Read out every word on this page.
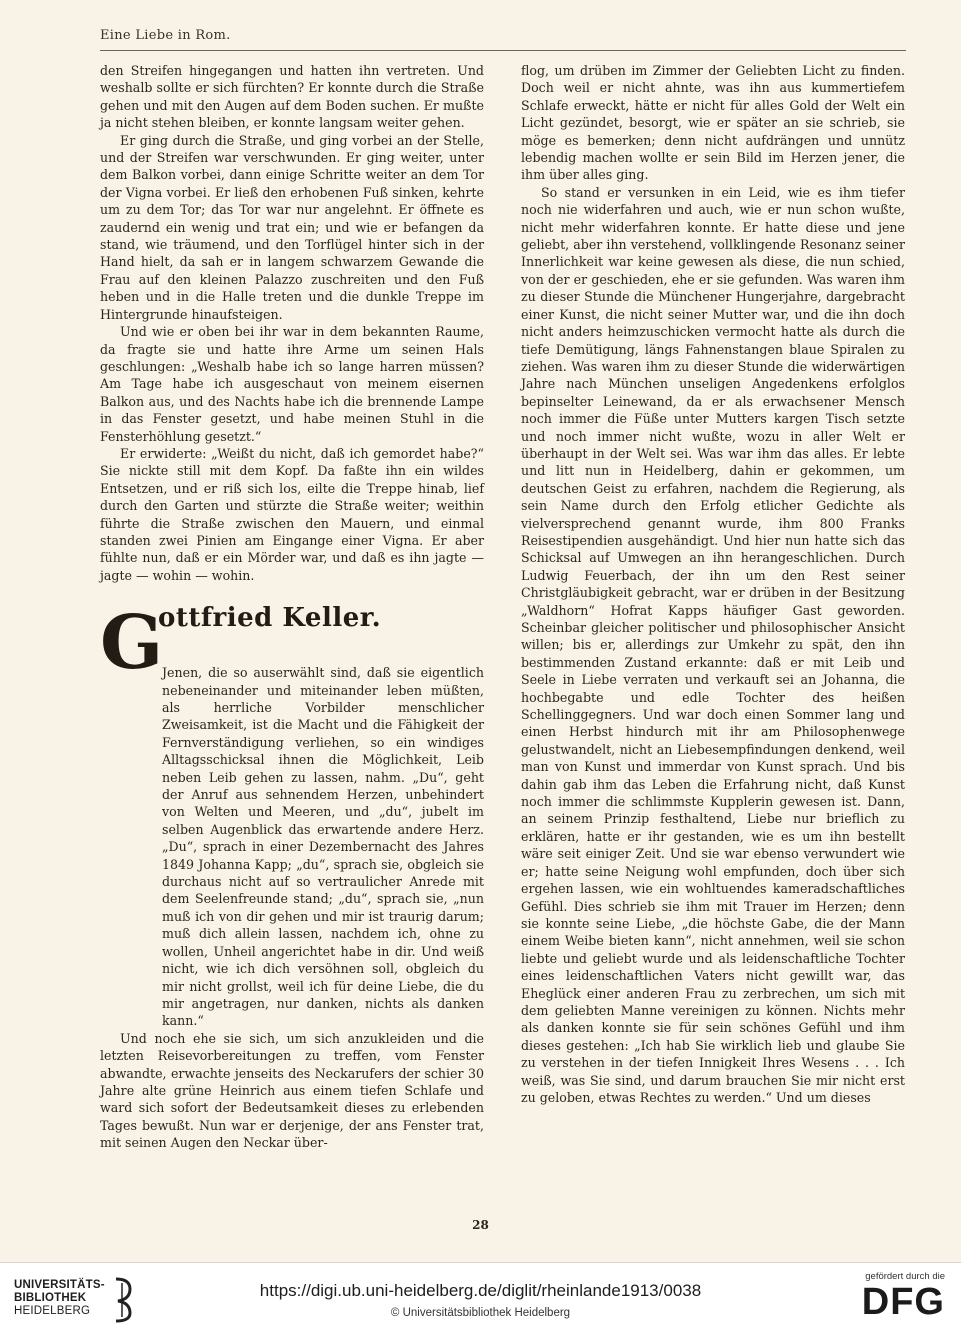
Eine Liebe in Rom.

den Streifen hingegangen und hatten ihn vertreten. Und weshalb sollte er sich fürchten? Er konnte durch die Straße gehen und mit den Augen auf dem Boden suchen. Er mußte ja nicht stehen bleiben, er konnte langsam weiter gehen.

Er ging durch die Straße, und ging vorbei an der Stelle, und der Streifen war verschwunden. Er ging weiter, unter dem Balkon vorbei, dann einige Schritte weiter an dem Tor der Vigna vorbei. Er ließ den erhobenen Fuß sinken, kehrte um zu dem Tor; das Tor war nur angelehnt. Er öffnete es zaudernd ein wenig und trat ein; und wie er befangen da stand, wie träumend, und den Torflügel hinter sich in der Hand hielt, da sah er in langem schwarzem Gewande die Frau auf den kleinen Palazzo zuschreiten und den Fuß heben und in die Halle treten und die dunkle Treppe im Hintergrunde hinaufsteigen.

Und wie er oben bei ihr war in dem bekannten Raume, da fragte sie und hatte ihre Arme um seinen Hals geschlungen: „Weshalb habe ich so lange harren müssen? Am Tage habe ich ausgeschaut von meinem eisernen Balkon aus, und des Nachts habe ich die brennende Lampe in das Fenster gesetzt, und habe meinen Stuhl in die Fensterhöhlung gesetzt.“

Er erwiderte: „Weißt du nicht, daß ich gemordet habe?“ Sie nickte still mit dem Kopf. Da faßte ihn ein wildes Entsetzen, und er riß sich los, eilte die Treppe hinab, lief durch den Garten und stürzte die Straße weiter; weithin führte die Straße zwischen den Mauern, und einmal standen zwei Pinien am Eingange einer Vigna. Er aber fühlte nun, daß er ein Mörder war, und daß es ihn jagte — jagte — wohin — wohin.

G
ottfried Keller.

Jenen, die so auserwählt sind, daß sie eigentlich nebeneinander und miteinander leben müßten, als herrliche Vorbilder menschlicher Zweisamkeit, ist die Macht und die Fähigkeit der Fernverständigung verliehen, so ein windiges Alltagsschicksal ihnen die Möglichkeit, Leib neben Leib gehen zu lassen, nahm. „Du“, geht der Anruf aus sehnendem Herzen, unbehindert von Welten und Meeren, und „du“, jubelt im selben Augenblick das erwartende andere Herz. „Du“, sprach in einer Dezembernacht des Jahres 1849 Johanna Kapp; „du“, sprach sie, obgleich sie durchaus nicht auf so vertraulicher Anrede mit dem Seelenfreunde stand; „du“, sprach sie, „nun muß ich von dir gehen und mir ist traurig darum; muß dich allein lassen, nachdem ich, ohne zu wollen, Unheil angerichtet habe in dir. Und weiß nicht, wie ich dich versöhnen soll, obgleich du mir nicht grollst, weil ich für deine Liebe, die du mir angetragen, nur danken, nichts als danken kann.“

Und noch ehe sie sich, um sich anzukleiden und die letzten Reisevorbereitungen zu treffen, vom Fenster abwandte, erwachte jenseits des Neckarufers der schier 30 Jahre alte grüne Heinrich aus einem tiefen Schlafe und ward sich sofort der Bedeutsamkeit dieses zu erlebenden Tages bewußt. Nun war er derjenige, der ans Fenster trat, mit seinen Augen den Neckar über-

flog, um drüben im Zimmer der Geliebten Licht zu finden. Doch weil er nicht ahnte, was ihn aus kummertiefem Schlafe erweckt, hätte er nicht für alles Gold der Welt ein Licht gezündet, besorgt, wie er später an sie schrieb, sie möge es bemerken; denn nicht aufdrängen und unnütz lebendig machen wollte er sein Bild im Herzen jener, die ihm über alles ging.

So stand er versunken in ein Leid, wie es ihm tiefer noch nie widerfahren und auch, wie er nun schon wußte, nicht mehr widerfahren konnte. Er hatte diese und jene geliebt, aber ihn verstehend, vollklingende Resonanz seiner Innerlichkeit war keine gewesen als diese, die nun schied, von der er geschieden, ehe er sie gefunden. Was waren ihm zu dieser Stunde die Münchener Hungerjahre, dargebracht einer Kunst, die nicht seiner Mutter war, und die ihn doch nicht anders heimzuschicken vermocht hatte als durch die tiefe Demütigung, längs Fahnenstangen blaue Spiralen zu ziehen. Was waren ihm zu dieser Stunde die widerwärtigen Jahre nach München unseligen Angedenkens erfolglos bepinselter Leinewand, da er als erwachsener Mensch noch immer die Füße unter Mutters kargen Tisch setzte und noch immer nicht wußte, wozu in aller Welt er überhaupt in der Welt sei. Was war ihm das alles. Er lebte und litt nun in Heidelberg, dahin er gekommen, um deutschen Geist zu erfahren, nachdem die Regierung, als sein Name durch den Erfolg etlicher Gedichte als vielversprechend genannt wurde, ihm 800 Franks Reisestipendien ausgehändigt. Und hier nun hatte sich das Schicksal auf Umwegen an ihn herangeschlichen. Durch Ludwig Feuerbach, der ihn um den Rest seiner Christgläubigkeit gebracht, war er drüben in der Besitzung „Waldhorn“ Hofrat Kapps häufiger Gast geworden. Scheinbar gleicher politischer und philosophischer Ansicht willen; bis er, allerdings zur Umkehr zu spät, den ihn bestimmenden Zustand erkannte: daß er mit Leib und Seele in Liebe verraten und verkauft sei an Johanna, die hochbegabte und edle Tochter des heißen Schellinggegners. Und war doch einen Sommer lang und einen Herbst hindurch mit ihr am Philosophenwege gelustwandelt, nicht an Liebesempfindungen denkend, weil man von Kunst und immerdar von Kunst sprach. Und bis dahin gab ihm das Leben die Erfahrung nicht, daß Kunst noch immer die schlimmste Kupplerin gewesen ist. Dann, an seinem Prinzip festhaltend, Liebe nur brieflich zu erklären, hatte er ihr gestanden, wie es um ihn bestellt wäre seit einiger Zeit. Und sie war ebenso verwundert wie er; hatte seine Neigung wohl empfunden, doch über sich ergehen lassen, wie ein wohltuendes kameradschaftliches Gefühl. Dies schrieb sie ihm mit Trauer im Herzen; denn sie konnte seine Liebe, „die höchste Gabe, die der Mann einem Weibe bieten kann“, nicht annehmen, weil sie schon liebte und geliebt wurde und als leidenschaftliche Tochter eines leidenschaftlichen Vaters nicht gewillt war, das Eheglück einer anderen Frau zu zerbrechen, um sich mit dem geliebten Manne vereinigen zu können. Nichts mehr als danken konnte sie für sein schönes Gefühl und ihm dieses gestehen: „Ich hab Sie wirklich lieb und glaube Sie zu verstehen in der tiefen Innigkeit Ihres Wesens . . . Ich weiß, was Sie sind, und darum brauchen Sie mir nicht erst zu geloben, etwas Rechtes zu werden.“ Und um dieses

28
UNIVERSITÄTS-
BIBLIOTHEK
HEIDELBERG
https://digi.ub.uni-heidelberg.de/diglit/rheinlande1913/0038
© Universitätsbibliothek Heidelberg
gefördert durch die
DFG
